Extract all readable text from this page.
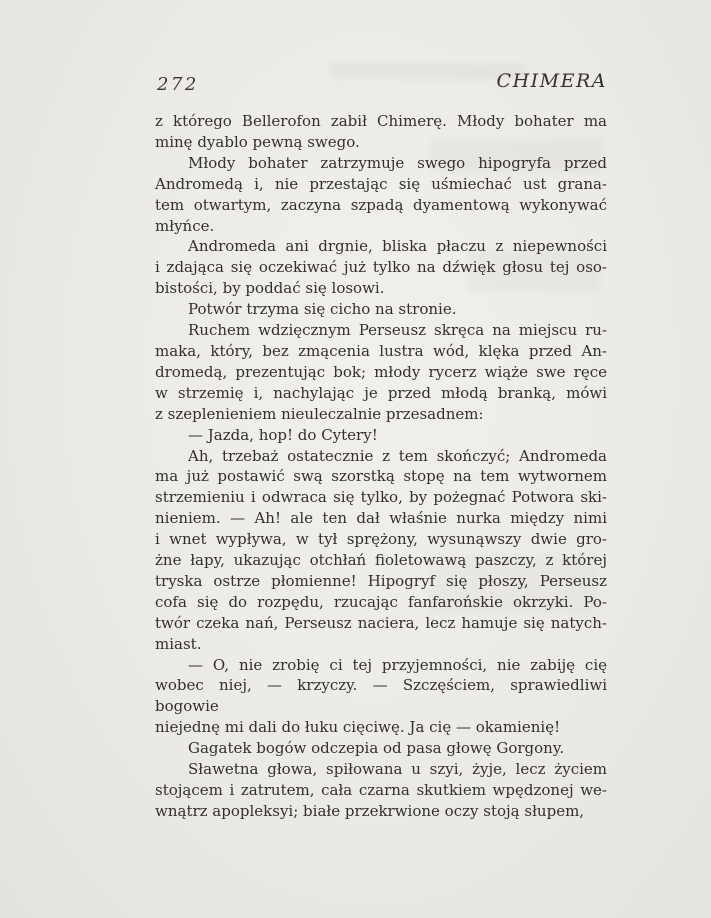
272	CHIMERA
z którego Bellerofon zabił Chimerę. Młody bohater ma
minę dyablo pewną swego.
Młody bohater zatrzymuje swego hipogryfa przed
Andromedą i, nie przestając się uśmiechać ust grana-
tem otwartym, zaczyna szpadą dyamentową wykonywać
młyńce.
Andromeda ani drgnie, bliska płaczu z niepewności
i zdająca się oczekiwać już tylko na dźwięk głosu tej oso-
bistości, by poddać się losowi.
Potwór trzyma się cicho na stronie.
Ruchem wdzięcznym Perseusz skręca na miejscu ru-
maka, który, bez zmącenia lustra wód, klęka przed An-
dromedą, prezentując bok; młody rycerz wiąże swe ręce
w strzemię i, nachylając je przed młodą branką, mówi
z szeplenieniem nieuleczalnie przesadnem:
— Jazda, hop! do Cytery!
Ah, trzebaż ostatecznie z tem skończyć; Andromeda
ma już postawić swą szorstką stopę na tem wytwornem
strzemieniu i odwraca się tylko, by pożegnać Potwora ski-
nieniem. — Ah! ale ten dał właśnie nurka między nimi
i wnet wypływa, w tył sprężony, wysunąwszy dwie gro-
żne łapy, ukazując otchłań fioletowawą paszczy, z której
tryska ostrze płomienne! Hipogryf się płoszy, Perseusz
cofa się do rozpędu, rzucając fanfarońskie okrzyki. Po-
twór czeka nań, Perseusz naciera, lecz hamuje się natych-
miast.
— O, nie zrobię ci tej przyjemności, nie zabiję cię
wobec niej, — krzyczy. — Szczęściem, sprawiedliwi bogowie
niejednę mi dali do łuku cięciwę. Ja cię — okamienię!
Gagatek bogów odczepia od pasa głowę Gorgony.
Sławetna głowa, spiłowana u szyi, żyje, lecz życiem
stojącem i zatrutem, cała czarna skutkiem wpędzonej we-
wnątrz apopleksyi; białe przekrwione oczy stoją słupem,
